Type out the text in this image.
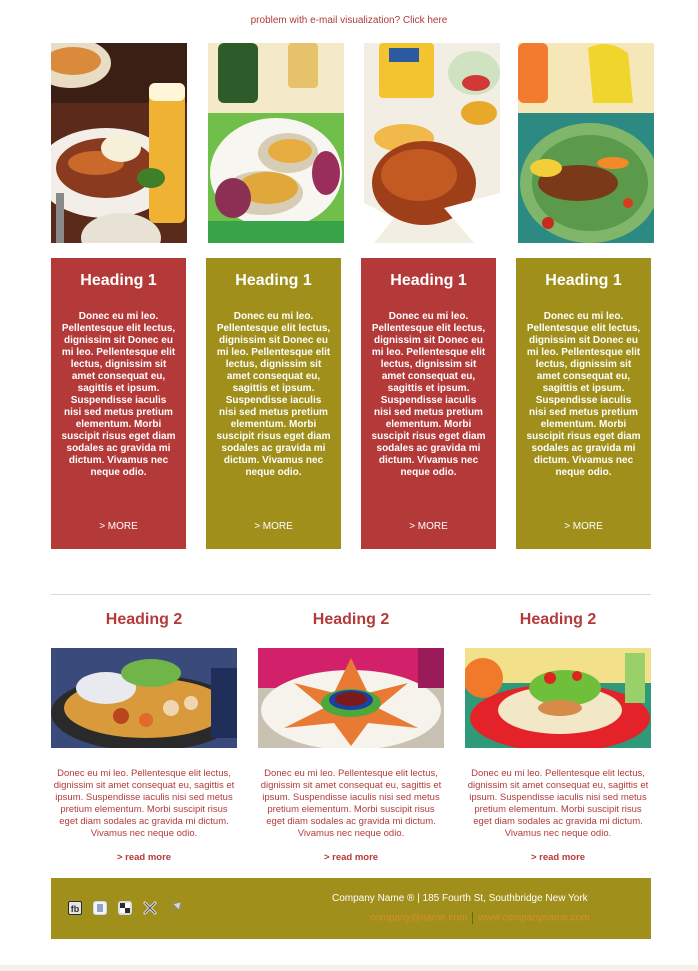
problem with e-mail visualization? Click here
Heading 1

Donec eu mi leo. Pellentesque elit lectus, dignissim sit Donec eu mi leo. Pellentesque elit lectus, dignissim sit amet consequat eu, sagittis et ipsum. Suspendisse iaculis nisi sed metus pretium elementum. Morbi suscipit risus eget diam sodales ac gravida mi dictum. Vivamus nec neque odio.

> MORE
Heading 1

Donec eu mi leo. Pellentesque elit lectus, dignissim sit Donec eu mi leo. Pellentesque elit lectus, dignissim sit amet consequat eu, sagittis et ipsum. Suspendisse iaculis nisi sed metus pretium elementum. Morbi suscipit risus eget diam sodales ac gravida mi dictum. Vivamus nec neque odio.

> MORE
Heading 1

Donec eu mi leo. Pellentesque elit lectus, dignissim sit Donec eu mi leo. Pellentesque elit lectus, dignissim sit amet consequat eu, sagittis et ipsum. Suspendisse iaculis nisi sed metus pretium elementum. Morbi suscipit risus eget diam sodales ac gravida mi dictum. Vivamus nec neque odio.

> MORE
Heading 1

Donec eu mi leo. Pellentesque elit lectus, dignissim sit Donec eu mi leo. Pellentesque elit lectus, dignissim sit amet consequat eu, sagittis et ipsum. Suspendisse iaculis nisi sed metus pretium elementum. Morbi suscipit risus eget diam sodales ac gravida mi dictum. Vivamus nec neque odio.

> MORE
Heading 2	Heading 2	Heading 2
Donec eu mi leo. Pellentesque elit lectus, dignissim sit amet consequat eu, sagittis et ipsum. Suspendisse iaculis nisi sed metus pretium elementum. Morbi suscipit risus eget diam sodales ac gravida mi dictum. Vivamus nec neque odio.
Donec eu mi leo. Pellentesque elit lectus, dignissim sit amet consequat eu, sagittis et ipsum. Suspendisse iaculis nisi sed metus pretium elementum. Morbi suscipit risus eget diam sodales ac gravida mi dictum. Vivamus nec neque odio.
Donec eu mi leo. Pellentesque elit lectus, dignissim sit amet consequat eu, sagittis et ipsum. Suspendisse iaculis nisi sed metus pretium elementum. Morbi suscipit risus eget diam sodales ac gravida mi dictum. Vivamus nec neque odio.
> read more	> read more	> read more
fb
Company Name ® | 185 Fourth St, Southbridge New York
company@name.com www.companyname.com
